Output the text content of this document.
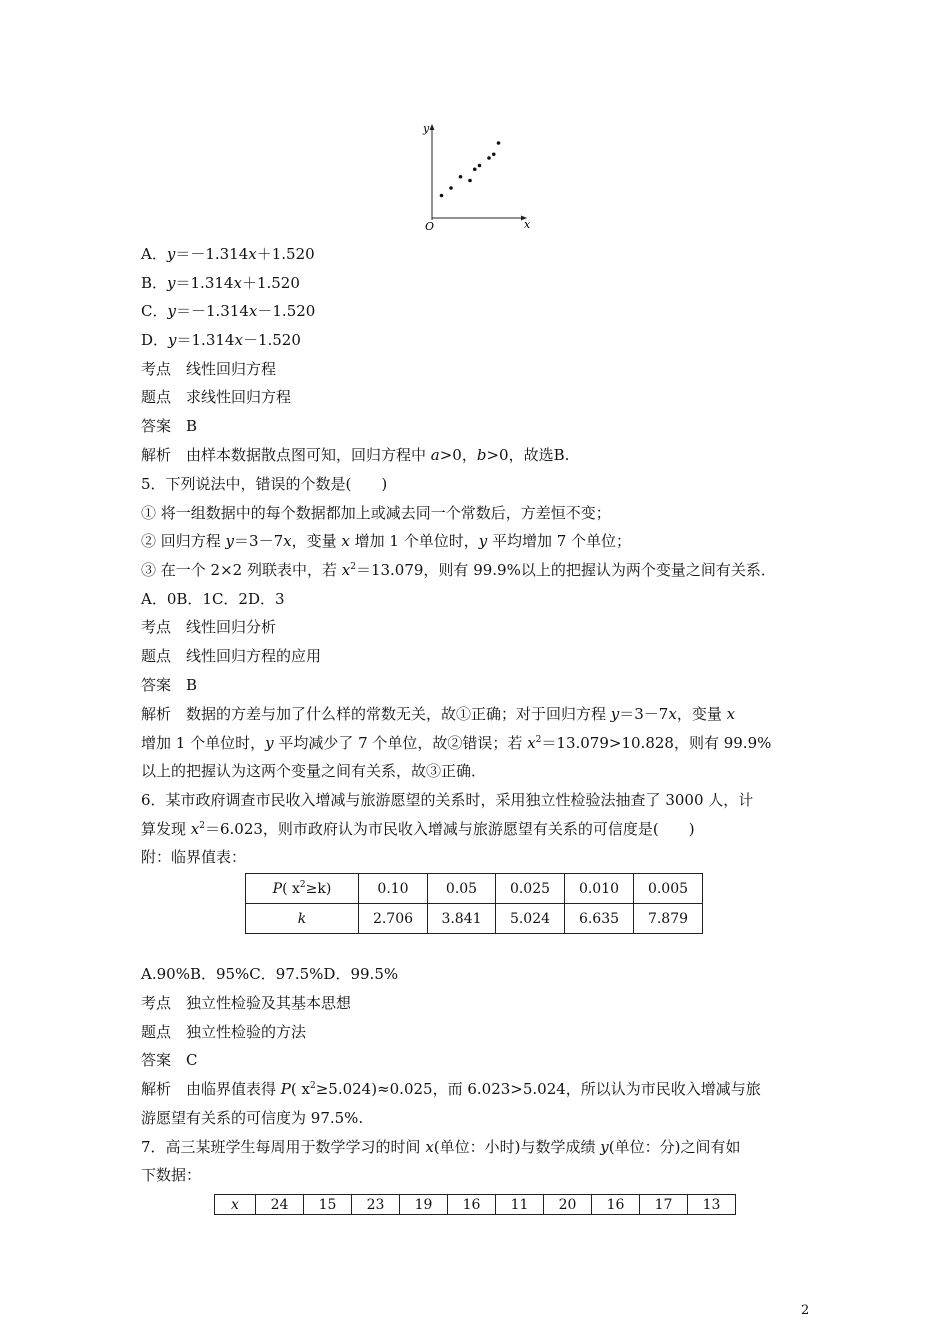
y
x
O
A．y＝－1.314x＋1.520
B．y＝1.314x＋1.520
C．y＝－1.314x－1.520
D．y＝1.314x－1.520
考点　线性回归方程
题点　求线性回归方程
答案　B
解析　由样本数据散点图可知，回归方程中 a>0，b>0，故选B.
5．下列说法中，错误的个数是(　　)
① 将一组数据中的每个数据都加上或减去同一个常数后，方差恒不变；
② 回归方程 y＝3－7x，变量 x 增加 1 个单位时，y 平均增加 7 个单位；
③ 在一个 2×2 列联表中，若 $x^2=13.079$，则有 99.9%以上的把握认为两个变量之间有关系．
A．0B．1C．2D．3
考点　线性回归分析
题点　线性回归方程的应用
答案　B
解析　数据的方差与加了什么样的常数无关，故①正确；对于回归方程 y＝3－7x，变量 x
增加 1 个单位时，y 平均减少了 7 个单位，故②错误；若 $x^2=13.079>10.828$，则有 99.9%
以上的把握认为这两个变量之间有关系，故③正确．
6．某市政府调查市民收入增减与旅游愿望的关系时，采用独立性检验法抽查了 3000 人，计
算发现 $x^2=6.023$，则市政府认为市民收入增减与旅游愿望有关系的可信度是(　　)
附：临界值表：
P( $x^2\ge k$)	0.10	0.05	0.025	0.010	0.005
k	2.706	3.841	5.024	6.635	7.879
A.90%B．95%C．97.5%D．99.5%
考点　独立性检验及其基本思想
题点　独立性检验的方法
答案　C
解析　由临界值表得 P( $x^2\ge 5.024)\approx 0.025$，而 6.023>5.024，所以认为市民收入增减与旅
游愿望有关系的可信度为 97.5%.
7．高三某班学生每周用于数学学习的时间 x(单位：小时)与数学成绩 y(单位：分)之间有如
下数据：
x	24	15	23	19	16	11	20	16	17	13
2
